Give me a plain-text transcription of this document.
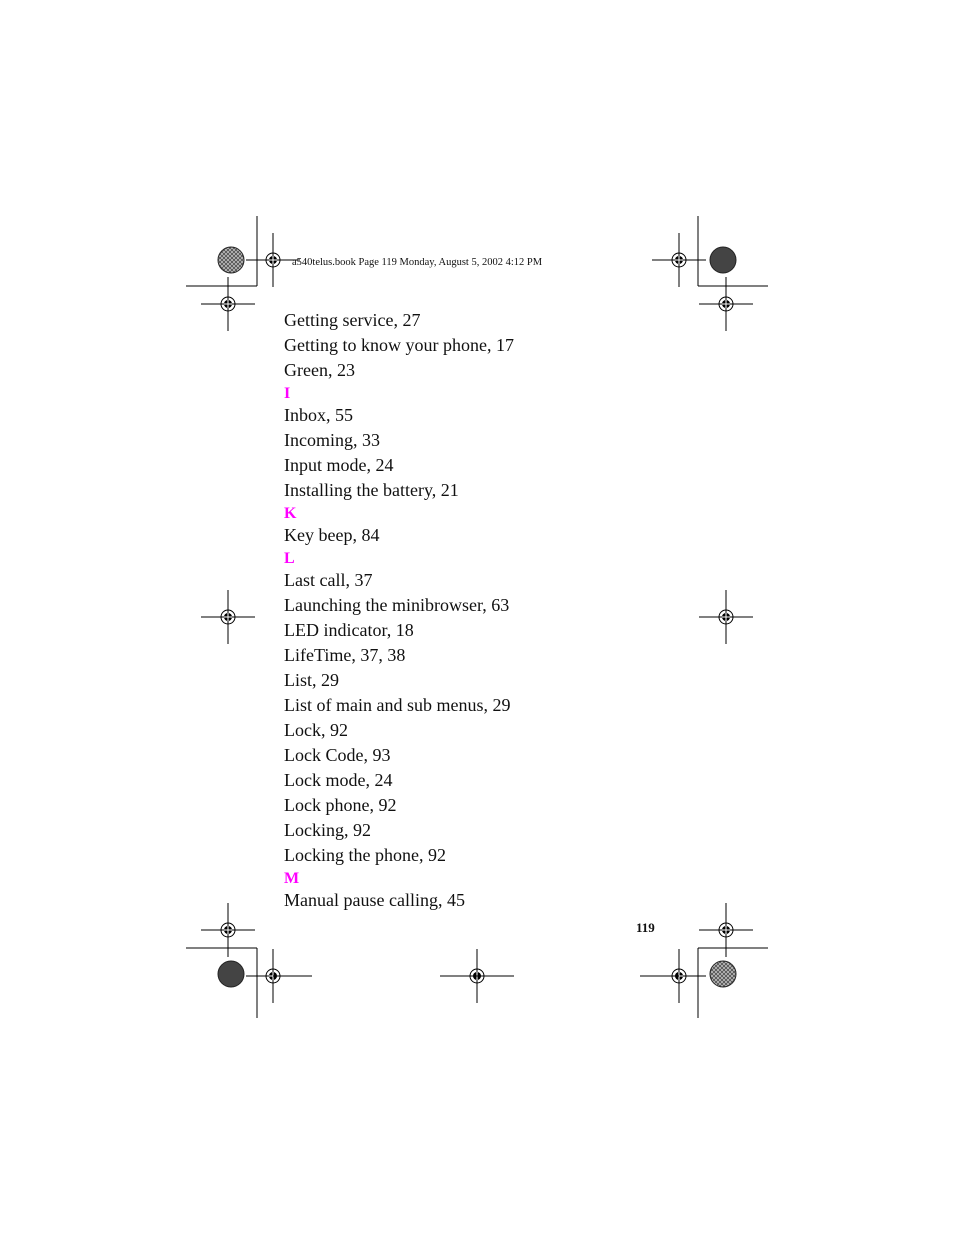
a540telus.book Page 119 Monday, August 5, 2002 4:12 PM
Getting service, 27
Getting to know your phone, 17
Green, 23
I
Inbox, 55
Incoming, 33
Input mode, 24
Installing the battery, 21
K
Key beep, 84
L
Last call, 37
Launching the minibrowser, 63
LED indicator, 18
LifeTime, 37, 38
List, 29
List of main and sub menus, 29
Lock, 92
Lock Code, 93
Lock mode, 24
Lock phone, 92
Locking, 92
Locking the phone, 92
M
Manual pause calling, 45
119
